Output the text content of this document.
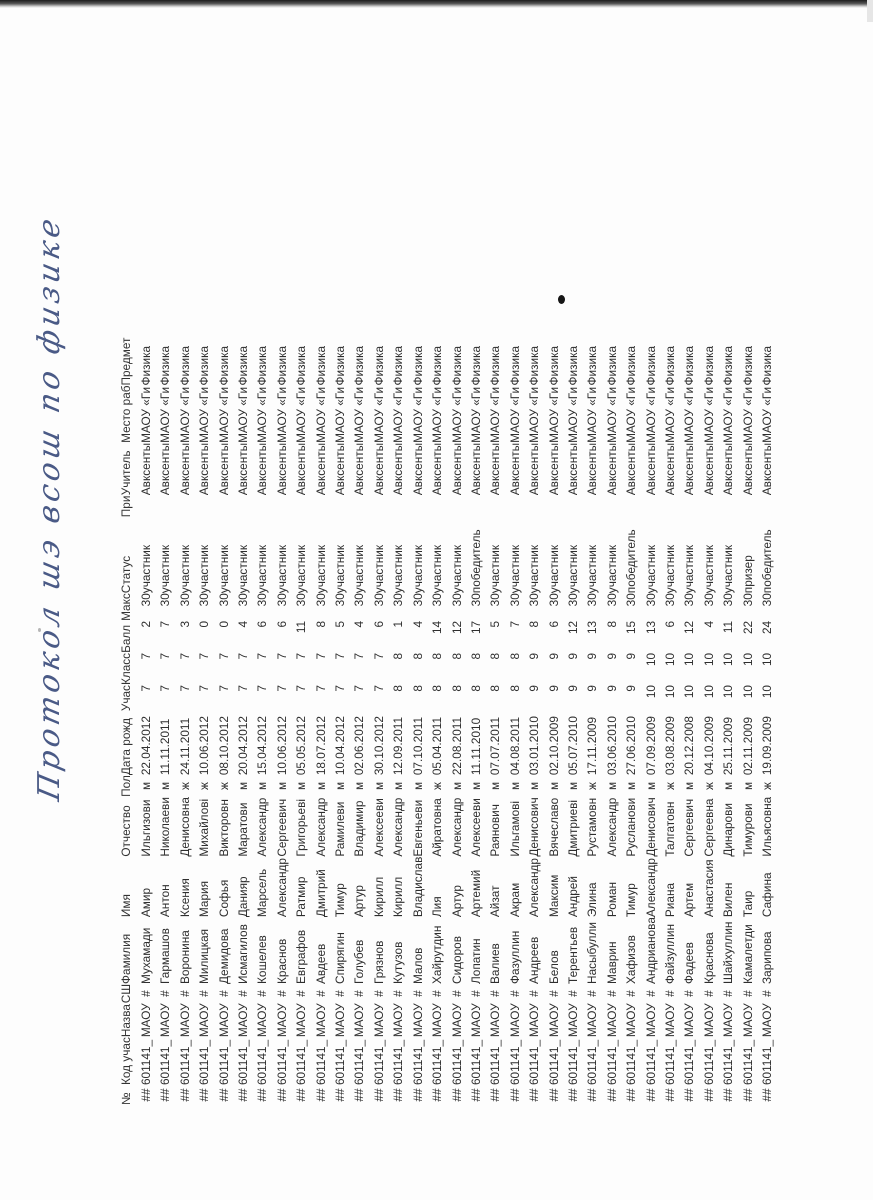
Протокол шэ всош по физике
№	Код учас	Назва	СШ	Фамилия	Имя	Отчество	Пол	Дата рожд	Учас	Класс	Балл	Макс	Статус	При	Учитель	Место раб	Предмет
##	601141_	МАОУ	#	Мухамади	Амир	Ильгизови	м	22.04.2012	7	7	2	30	участник		Авксенты	МАОУ «Ги	Физика
##	601141_	МАОУ	#	Гармашов	Антон	Николаеви	м	11.11.2011	7	7	7	30	участник		Авксенты	МАОУ «Ги	Физика
##	601141_	МАОУ	#	Воронина	Ксения	Денисовна	ж	24.11.2011	7	7	3	30	участник		Авксенты	МАОУ «Ги	Физика
##	601141_	МАОУ	#	Милицкая	Мария	Михайлові	ж	10.06.2012	7	7	0	30	участник		Авксенты	МАОУ «Ги	Физика
##	601141_	МАОУ	#	Демидова	Софья	Викторовн	ж	08.10.2012	7	7	0	30	участник		Авксенты	МАОУ «Ги	Физика
##	601141_	МАОУ	#	Исмагилов	Данияр	Маратови	м	20.04.2012	7	7	4	30	участник		Авксенты	МАОУ «Ги	Физика
##	601141_	МАОУ	#	Кошелев	Марсель	Александр	м	15.04.2012	7	7	6	30	участник		Авксенты	МАОУ «Ги	Физика
##	601141_	МАОУ	#	Краснов	Александр	Сергеевич	м	10.06.2012	7	7	6	30	участник		Авксенты	МАОУ «Ги	Физика
##	601141_	МАОУ	#	Евграфов	Ратмир	Григорьеві	м	05.05.2012	7	7	11	30	участник		Авксенты	МАОУ «Ги	Физика
##	601141_	МАОУ	#	Авдеев	Дмитрий	Александр	м	18.07.2012	7	7	8	30	участник		Авксенты	МАОУ «Ги	Физика
##	601141_	МАОУ	#	Спирягин	Тимур	Рамилеви	м	10.04.2012	7	7	5	30	участник		Авксенты	МАОУ «Ги	Физика
##	601141_	МАОУ	#	Голубев	Артур	Владимир	м	02.06.2012	7	7	4	30	участник		Авксенты	МАОУ «Ги	Физика
##	601141_	МАОУ	#	Грязнов	Кирилл	Алексееви	м	30.10.2012	7	7	6	30	участник		Авксенты	МАОУ «Ги	Физика
##	601141_	МАОУ	#	Кутузов	Кирилл	Александр	м	12.09.2011	8	8	1	30	участник		Авксенты	МАОУ «Ги	Физика
##	601141_	МАОУ	#	Малов	Владислав	Евгеньеви	м	07.10.2011	8	8	4	30	участник		Авксенты	МАОУ «Ги	Физика
##	601141_	МАОУ	#	Хайрутдин	Лия	Айратовна	ж	05.04.2011	8	8	14	30	участник		Авксенты	МАОУ «Ги	Физика
##	601141_	МАОУ	#	Сидоров	Артур	Александр	м	22.08.2011	8	8	12	30	участник		Авксенты	МАОУ «Ги	Физика
##	601141_	МАОУ	#	Лопатин	Артемий	Алексееви	м	11.11.2010	8	8	17	30	победитель		Авксенты	МАОУ «Ги	Физика
##	601141_	МАОУ	#	Валиев	Айзат	Раянович	м	07.07.2011	8	8	5	30	участник		Авксенты	МАОУ «Ги	Физика
##	601141_	МАОУ	#	Фазуллин	Акрам	Ильгамові	м	04.08.2011	8	8	7	30	участник		Авксенты	МАОУ «Ги	Физика
##	601141_	МАОУ	#	Андреев	Александр	Денисович	м	03.01.2010	9	9	8	30	участник		Авксенты	МАОУ «Ги	Физика
##	601141_	МАОУ	#	Белов	Максим	Вячеславо	м	02.10.2009	9	9	6	30	участник		Авксенты	МАОУ «Ги	Физика
##	601141_	МАОУ	#	Терентьев	Андрей	Дмитриеві	м	05.07.2010	9	9	12	30	участник		Авксенты	МАОУ «Ги	Физика
##	601141_	МАОУ	#	Насыбулли	Элина	Рустамовн	ж	17.11.2009	9	9	13	30	участник		Авксенты	МАОУ «Ги	Физика
##	601141_	МАОУ	#	Маврин	Роман	Александр	м	03.06.2010	9	9	8	30	участник		Авксенты	МАОУ «Ги	Физика
##	601141_	МАОУ	#	Хафизов	Тимур	Русланови	м	27.06.2010	9	9	15	30	победитель		Авксенты	МАОУ «Ги	Физика
##	601141_	МАОУ	#	Андриановa	Александр	Денисович	м	07.09.2009	10	10	13	30	участник		Авксенты	МАОУ «Ги	Физика
##	601141_	МАОУ	#	Файзуллин	Риана	Талгатовн	ж	03.08.2009	10	10	6	30	участник		Авксенты	МАОУ «Ги	Физика
##	601141_	МАОУ	#	Фадеев	Артем	Сергеевич	м	20.12.2008	10	10	12	30	участник		Авксенты	МАОУ «Ги	Физика
##	601141_	МАОУ	#	Краснова	Анастасия	Сергеевна	ж	04.10.2009	10	10	4	30	участник		Авксенты	МАОУ «Ги	Физика
##	601141_	МАОУ	#	Шайхуллин	Вилен	Динарови	м	25.11.2009	10	10	11	30	участник		Авксенты	МАОУ «Ги	Физика
##	601141_	МАОУ	#	Камалетди	Таир	Тимурови	м	02.11.2009	10	10	22	30	призер		Авксенты	МАОУ «Ги	Физика
##	601141_	МАОУ	#	Зарипова	Сафина	Ильясовна	ж	19.09.2009	10	10	24	30	победитель		Авксенты	МАОУ «Ги	Физика
